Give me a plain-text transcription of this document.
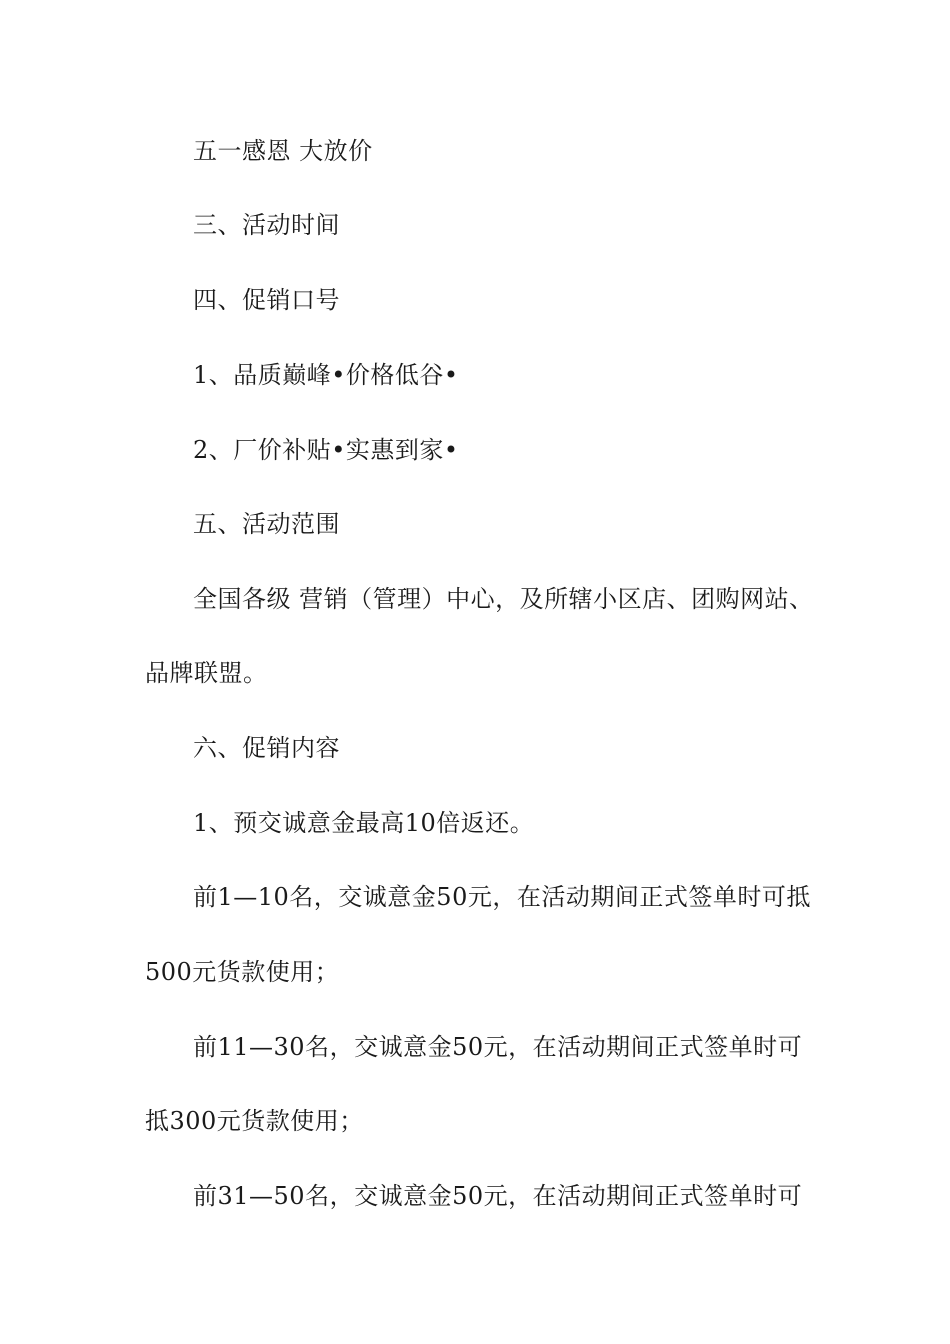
五一感恩 大放价
三、活动时间
四、促销口号
1、品质巅峰•价格低谷•
2、厂价补贴•实惠到家•
五、活动范围
全国各级 营销（管理）中心，及所辖小区店、团购网站、
品牌联盟。
六、促销内容
1、预交诚意金最高10倍返还。
前1—10名，交诚意金50元，在活动期间正式签单时可抵
500元货款使用；
前11—30名，交诚意金50元，在活动期间正式签单时可
抵300元货款使用；
前31—50名，交诚意金50元，在活动期间正式签单时可
